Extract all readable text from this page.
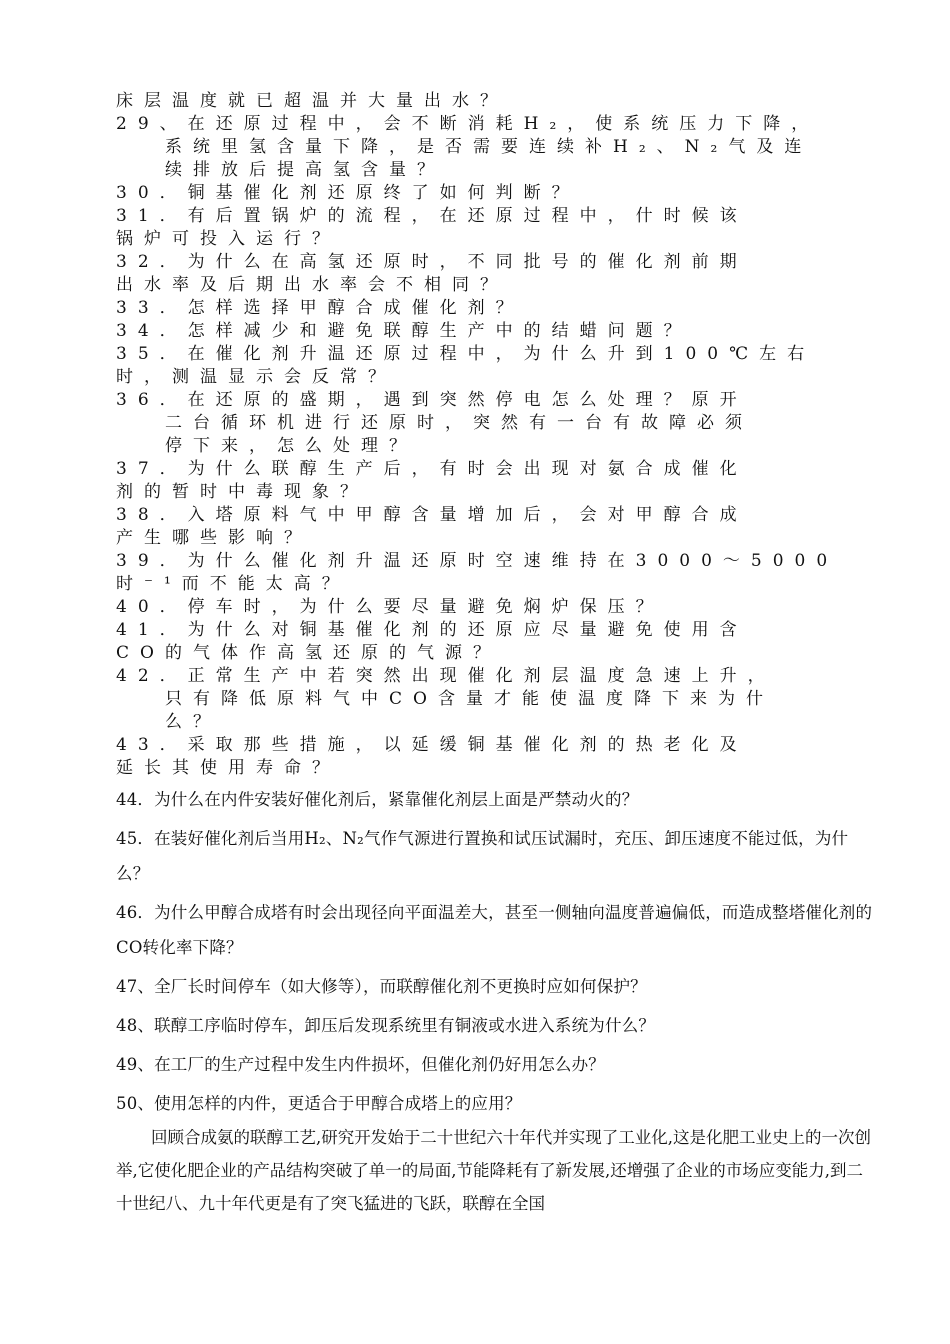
床层温度就已超温并大量出水？
29、在还原过程中，会不断消耗H₂，使系统压力下降，
系统里氢含量下降，是否需要连续补H₂、N₂气及连
续排放后提高氢含量？
30．铜基催化剂还原终了如何判断？
31．有后置锅炉的流程，在还原过程中，什时候该
锅炉可投入运行？
32．为什么在高氢还原时，不同批号的催化剂前期
出水率及后期出水率会不相同？
33．怎样选择甲醇合成催化剂？
34．怎样减少和避免联醇生产中的结蜡问题？
35．在催化剂升温还原过程中，为什么升到100℃左右
时，测温显示会反常？
36．在还原的盛期，遇到突然停电怎么处理？原开
二台循环机进行还原时，突然有一台有故障必须
停下来，怎么处理？
37．为什么联醇生产后，有时会出现对氨合成催化
剂的暂时中毒现象？
38．入塔原料气中甲醇含量增加后，会对甲醇合成
产生哪些影响？
39．为什么催化剂升温还原时空速维持在3000～5000
时⁻¹而不能太高？
40．停车时，为什么要尽量避免焖炉保压？
41．为什么对铜基催化剂的还原应尽量避免使用含
CO的气体作高氢还原的气源？
42．正常生产中若突然出现催化剂层温度急速上升，
只有降低原料气中CO含量才能使温度降下来为什
么？
43．采取那些措施，以延缓铜基催化剂的热老化及
延长其使用寿命？

44．为什么在内件安装好催化剂后，紧靠催化剂层上面是严禁动火的？

45．在装好催化剂后当用H₂、N₂气作气源进行置换和试压试漏时，充压、卸压速度不能过低，为什么？

46．为什么甲醇合成塔有时会出现径向平面温差大，甚至一侧轴向温度普遍偏低，而造成整塔催化剂的CO转化率下降？

47、全厂长时间停车（如大修等），而联醇催化剂不更换时应如何保护？

48、联醇工序临时停车，卸压后发现系统里有铜液或水进入系统为什么？

49、在工厂的生产过程中发生内件损坏，但催化剂仍好用怎么办？

50、使用怎样的内件，更适合于甲醇合成塔上的应用？

回顾合成氨的联醇工艺,研究开发始于二十世纪六十年代并实现了工业化,这是化肥工业史上的一次创举,它使化肥企业的产品结构突破了单一的局面,节能降耗有了新发展,还增强了企业的市场应变能力,到二十世纪八、九十年代更是有了突飞猛进的飞跃，联醇在全国
